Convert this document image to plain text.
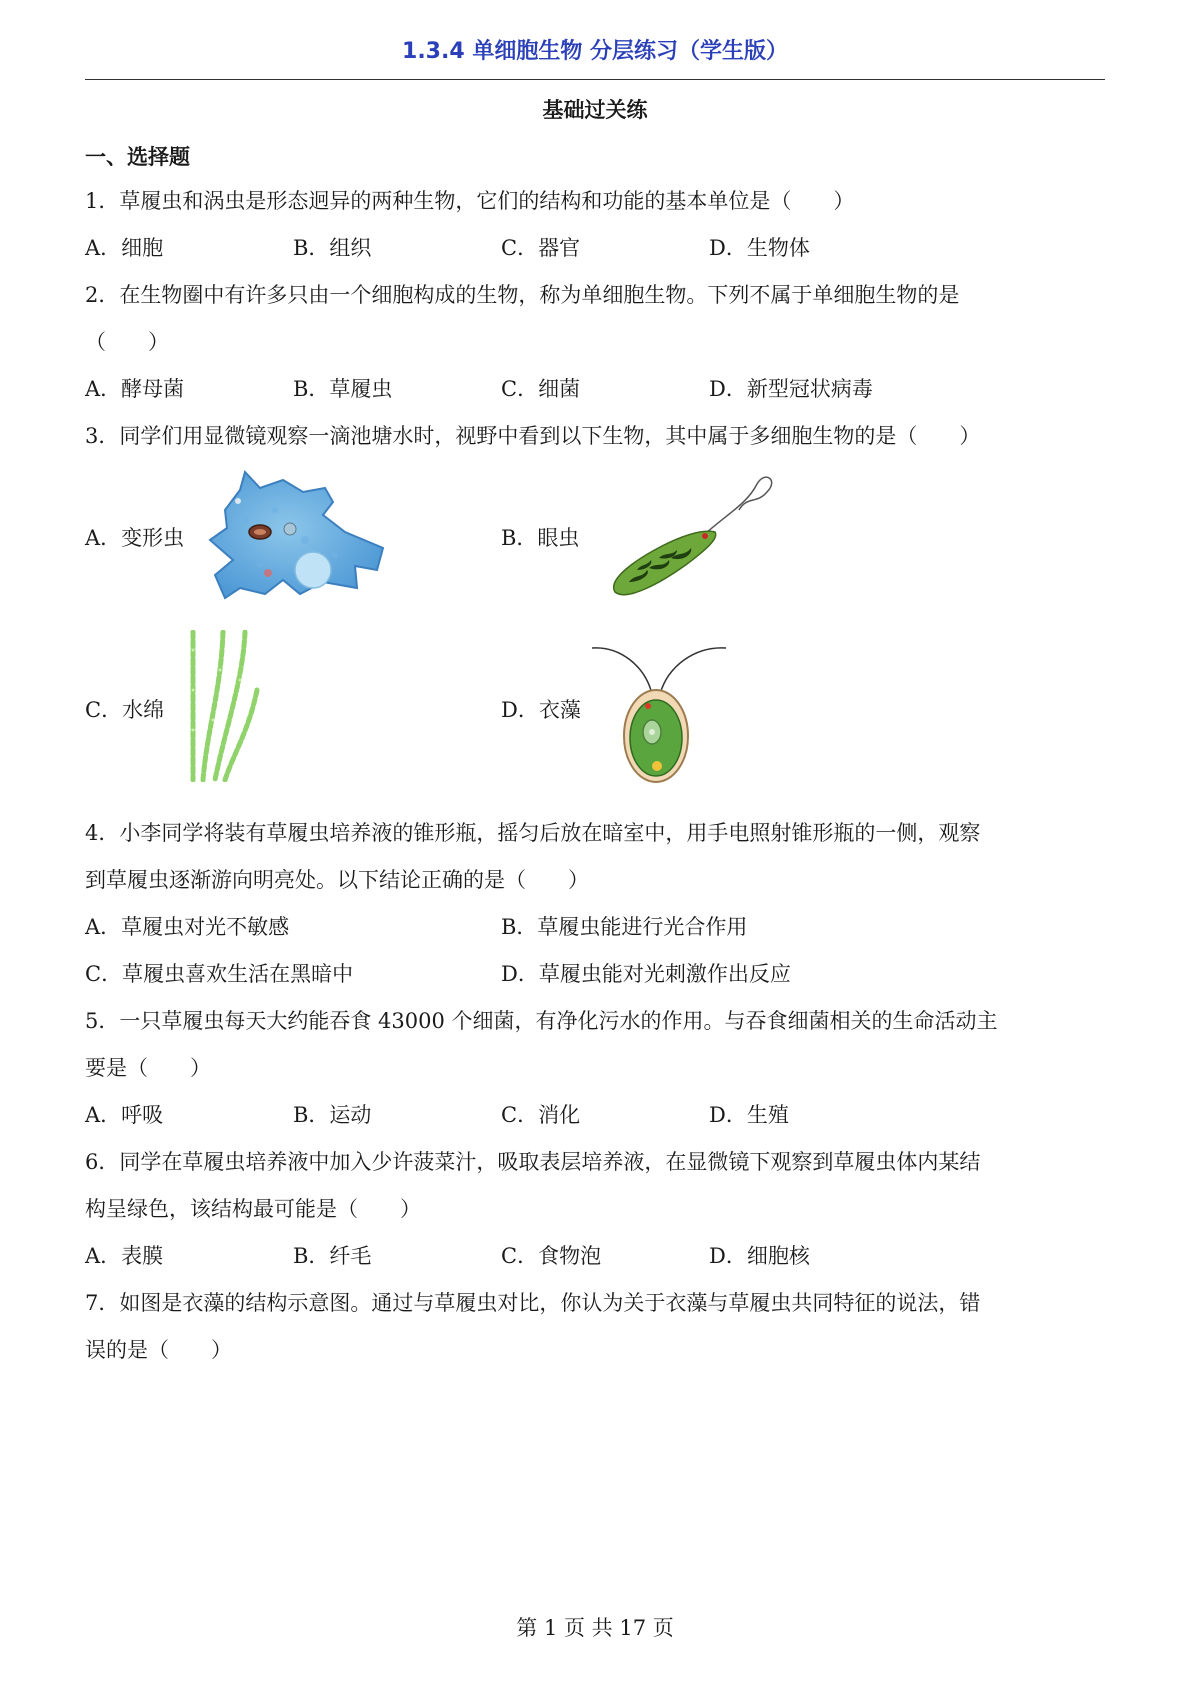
1.3.4 单细胞生物 分层练习（学生版）
基础过关练
一、选择题
1．草履虫和涡虫是形态迥异的两种生物，它们的结构和功能的基本单位是（　　）
A．细胞	B．组织	C．器官	D．生物体
2．在生物圈中有许多只由一个细胞构成的生物，称为单细胞生物。下列不属于单细胞生物的是
（　　）
A．酵母菌	B．草履虫	C．细菌	D．新型冠状病毒
3．同学们用显微镜观察一滴池塘水时，视野中看到以下生物，其中属于多细胞生物的是（　　）
A．变形虫	B．眼虫
C．水绵	D．衣藻
4．小李同学将装有草履虫培养液的锥形瓶，摇匀后放在暗室中，用手电照射锥形瓶的一侧，观察
到草履虫逐渐游向明亮处。以下结论正确的是（　　）
A．草履虫对光不敏感	B．草履虫能进行光合作用
C．草履虫喜欢生活在黑暗中	D．草履虫能对光刺激作出反应
5．一只草履虫每天大约能吞食 43000 个细菌，有净化污水的作用。与吞食细菌相关的生命活动主
要是（　　）
A．呼吸	B．运动	C．消化	D．生殖
6．同学在草履虫培养液中加入少许菠菜汁，吸取表层培养液，在显微镜下观察到草履虫体内某结
构呈绿色，该结构最可能是（　　）
A．表膜	B．纤毛	C．食物泡	D．细胞核
7．如图是衣藻的结构示意图。通过与草履虫对比，你认为关于衣藻与草履虫共同特征的说法，错
误的是（　　）
第 1 页 共 17 页
